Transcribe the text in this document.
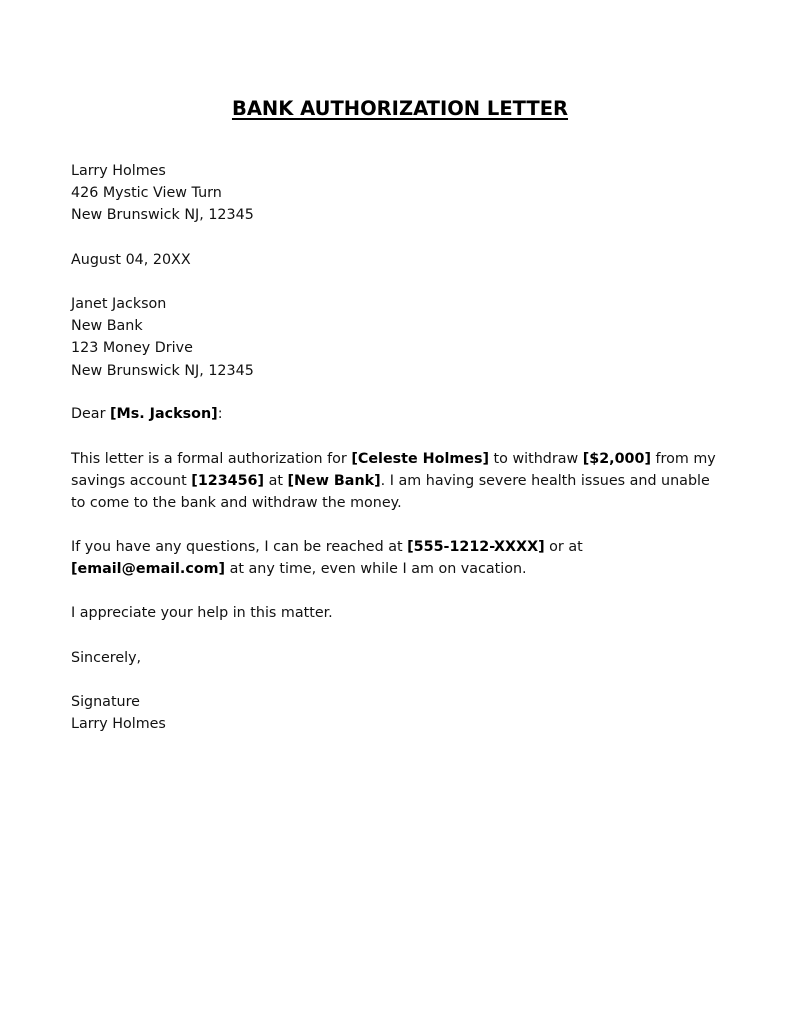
BANK AUTHORIZATION LETTER
Larry Holmes
426 Mystic View Turn
New Brunswick NJ, 12345
August 04, 20XX
Janet Jackson
New Bank
123 Money Drive
New Brunswick NJ, 12345
Dear [Ms. Jackson]:
This letter is a formal authorization for [Celeste Holmes] to withdraw [$2,000] from my
savings account [123456] at [New Bank]. I am having severe health issues and unable
to come to the bank and withdraw the money.
If you have any questions, I can be reached at [555-1212-XXXX] or at
[email@email.com] at any time, even while I am on vacation.
I appreciate your help in this matter.
Sincerely,
Signature
Larry Holmes
